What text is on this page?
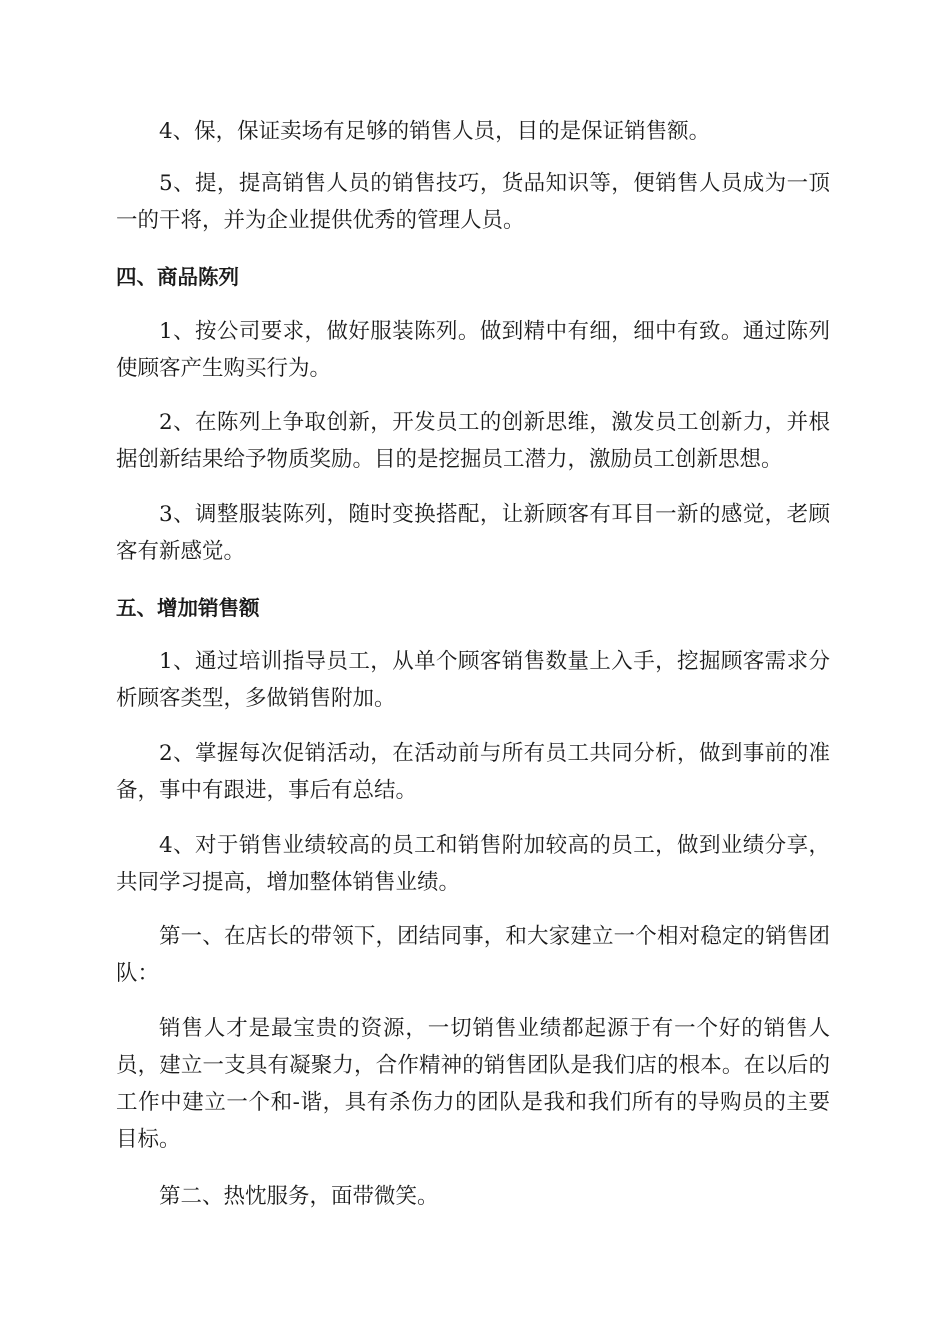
4、保，保证卖场有足够的销售人员，目的是保证销售额。

5、提，提高销售人员的销售技巧，货品知识等，便销售人员成为一顶一的干将，并为企业提供优秀的管理人员。

四、商品陈列

1、按公司要求，做好服装陈列。做到精中有细，细中有致。通过陈列使顾客产生购买行为。

2、在陈列上争取创新，开发员工的创新思维，激发员工创新力，并根据创新结果给予物质奖励。目的是挖掘员工潜力，激励员工创新思想。

3、调整服装陈列，随时变换搭配，让新顾客有耳目一新的感觉，老顾客有新感觉。

五、增加销售额

1、通过培训指导员工，从单个顾客销售数量上入手，挖掘顾客需求分析顾客类型，多做销售附加。

2、掌握每次促销活动，在活动前与所有员工共同分析，做到事前的准备，事中有跟进，事后有总结。

4、对于销售业绩较高的员工和销售附加较高的员工，做到业绩分享，共同学习提高，增加整体销售业绩。

第一、在店长的带领下，团结同事，和大家建立一个相对稳定的销售团队：

销售人才是最宝贵的资源，一切销售业绩都起源于有一个好的销售人员，建立一支具有凝聚力，合作精神的销售团队是我们店的根本。在以后的工作中建立一个和-谐，具有杀伤力的团队是我和我们所有的导购员的主要目标。

第二、热忱服务，面带微笑。
